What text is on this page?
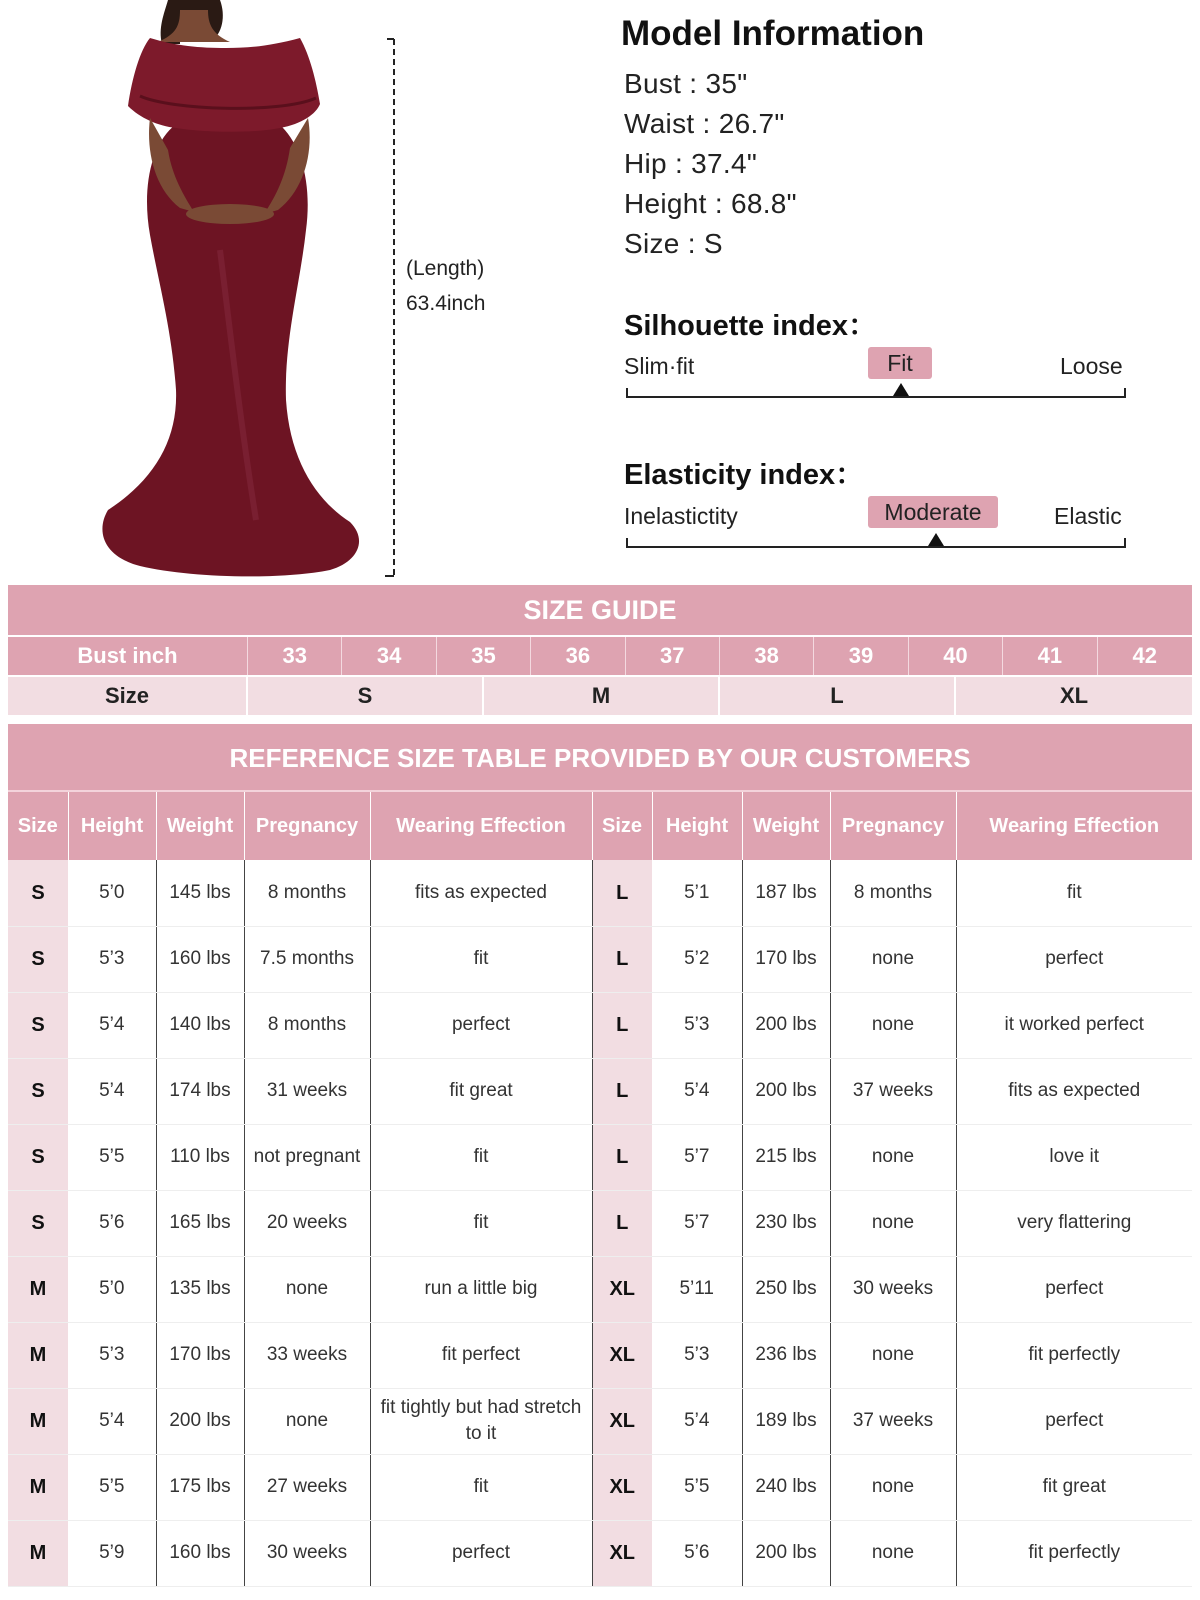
(Length)
63.4inch
Model Information
Bust : 35"
Waist : 26.7"
Hip : 37.4"
Height : 68.8"
Size : S
Silhouette index：
Slim·fit	Fit	Loose
Elasticity index：
Inelastictity	Moderate	Elastic
SIZE GUIDE
Bust inch	33	34	35	36	37	38	39	40	41	42
Size	S	M	L	XL
REFERENCE SIZE TABLE PROVIDED BY OUR CUSTOMERS
Size	Height	Weight	Pregnancy	Wearing Effection	Size	Height	Weight	Pregnancy	Wearing Effection
S	5’0	145 lbs	8 months	fits as expected	L	5’1	187 lbs	8 months	fit
S	5’3	160 lbs	7.5 months	fit	L	5’2	170 lbs	none	perfect
S	5’4	140 lbs	8 months	perfect	L	5’3	200 lbs	none	it worked perfect
S	5’4	174 lbs	31 weeks	fit great	L	5’4	200 lbs	37 weeks	fits as expected
S	5’5	110 lbs	not pregnant	fit	L	5’7	215 lbs	none	love it
S	5’6	165 lbs	20 weeks	fit	L	5’7	230 lbs	none	very flattering
M	5’0	135 lbs	none	run a little big	XL	5’11	250 lbs	30 weeks	perfect
M	5’3	170 lbs	33 weeks	fit perfect	XL	5’3	236 lbs	none	fit perfectly
M	5’4	200 lbs	none	fit tightly but had stretch to it	XL	5’4	189 lbs	37 weeks	perfect
M	5’5	175 lbs	27 weeks	fit	XL	5’5	240 lbs	none	fit great
M	5’9	160 lbs	30 weeks	perfect	XL	5’6	200 lbs	none	fit perfectly
